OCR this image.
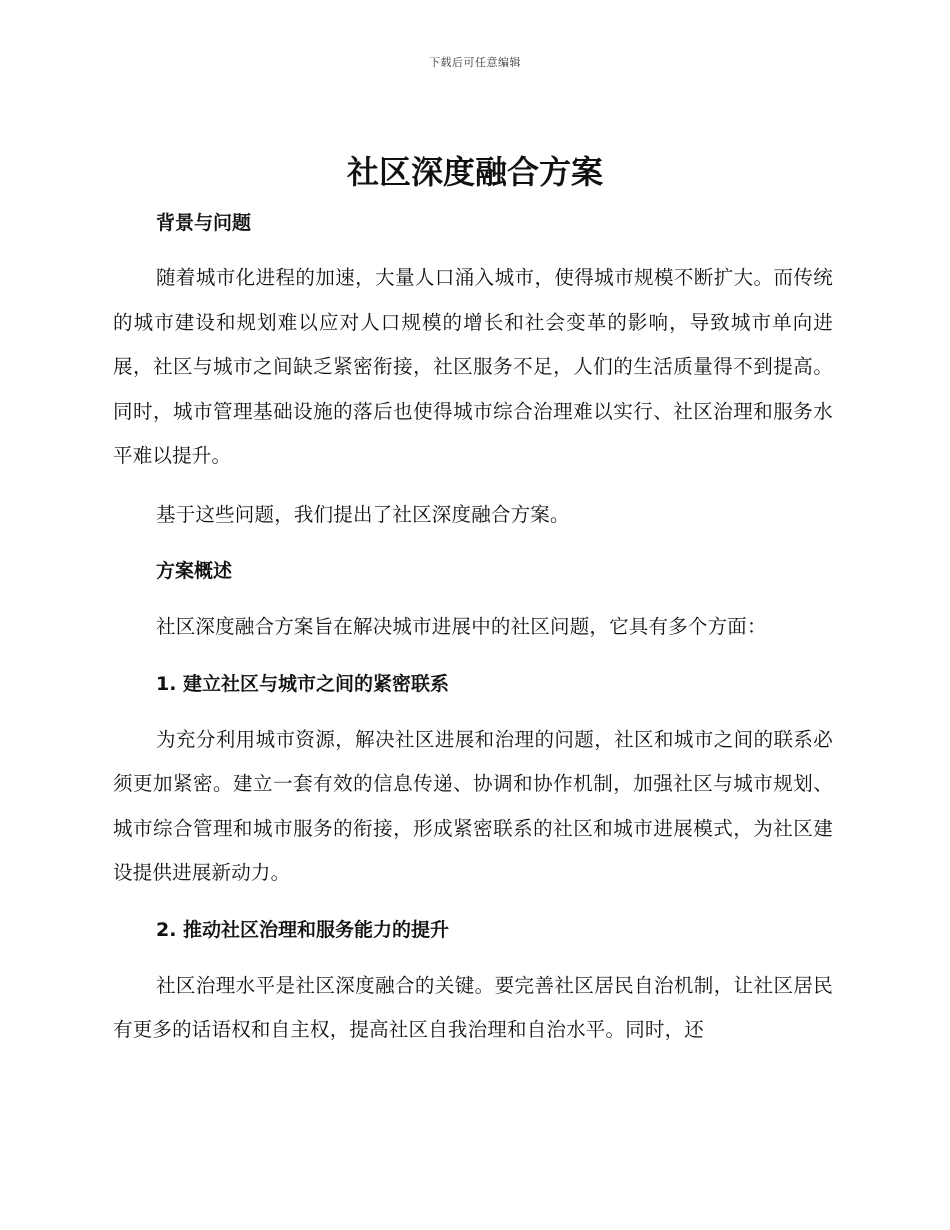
下载后可任意编辑
社区深度融合方案
背景与问题

随着城市化进程的加速，大量人口涌入城市，使得城市规模不断扩大。而传统的城市建设和规划难以应对人口规模的增长和社会变革的影响，导致城市单向进展，社区与城市之间缺乏紧密衔接，社区服务不足，人们的生活质量得不到提高。同时，城市管理基础设施的落后也使得城市综合治理难以实行、社区治理和服务水平难以提升。

基于这些问题，我们提出了社区深度融合方案。

方案概述

社区深度融合方案旨在解决城市进展中的社区问题，它具有多个方面：

1. 建立社区与城市之间的紧密联系

为充分利用城市资源，解决社区进展和治理的问题，社区和城市之间的联系必须更加紧密。建立一套有效的信息传递、协调和协作机制，加强社区与城市规划、城市综合管理和城市服务的衔接，形成紧密联系的社区和城市进展模式，为社区建设提供进展新动力。

2. 推动社区治理和服务能力的提升

社区治理水平是社区深度融合的关键。要完善社区居民自治机制，让社区居民有更多的话语权和自主权，提高社区自我治理和自治水平。同时，还
